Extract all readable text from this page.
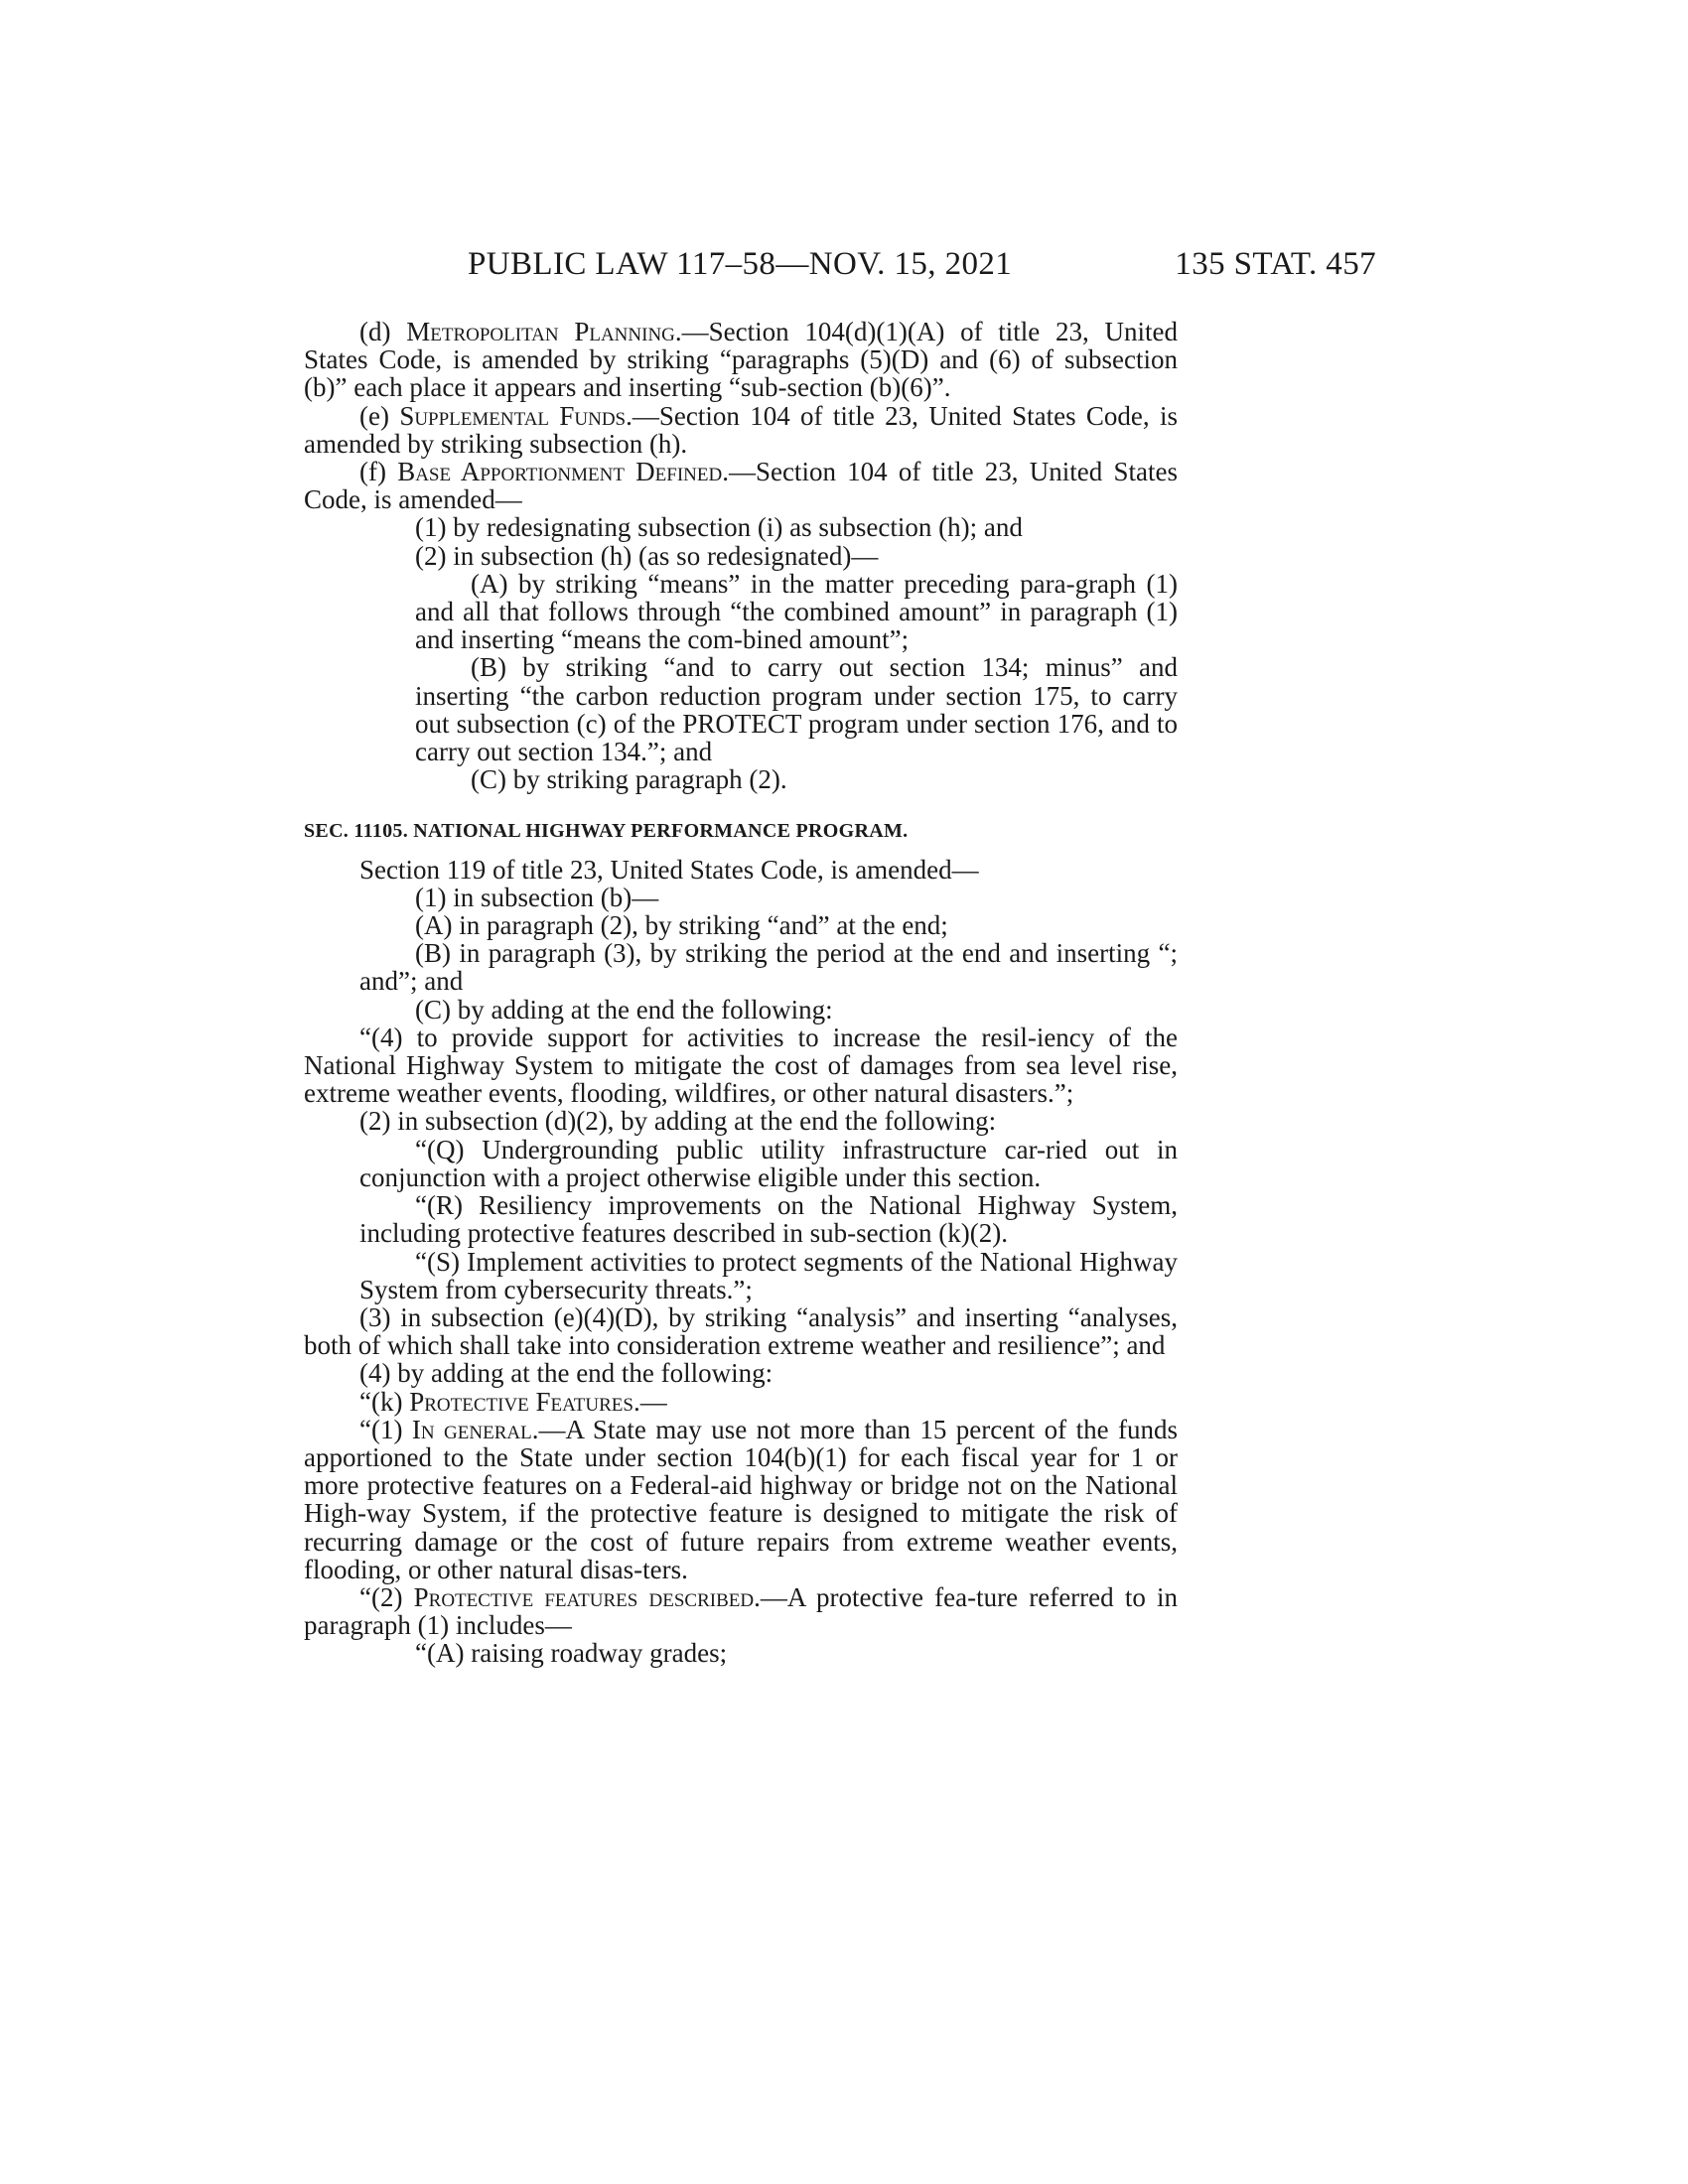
PUBLIC LAW 117–58—NOV. 15, 2021	135 STAT. 457

(d) Metropolitan Planning.—Section 104(d)(1)(A) of title 23, United States Code, is amended by striking “paragraphs (5)(D) and (6) of subsection (b)” each place it appears and inserting “sub-section (b)(6)”.

(e) Supplemental Funds.—Section 104 of title 23, United States Code, is amended by striking subsection (h).

(f) Base Apportionment Defined.—Section 104 of title 23, United States Code, is amended—

(1) by redesignating subsection (i) as subsection (h); and

(2) in subsection (h) (as so redesignated)—

(A) by striking “means” in the matter preceding para-graph (1) and all that follows through “the combined amount” in paragraph (1) and inserting “means the com-bined amount”;

(B) by striking “and to carry out section 134; minus” and inserting “the carbon reduction program under section 175, to carry out subsection (c) of the PROTECT program under section 176, and to carry out section 134.”; and

(C) by striking paragraph (2).

SEC. 11105. NATIONAL HIGHWAY PERFORMANCE PROGRAM.

Section 119 of title 23, United States Code, is amended—

(1) in subsection (b)—

(A) in paragraph (2), by striking “and” at the end;

(B) in paragraph (3), by striking the period at the end and inserting “; and”; and

(C) by adding at the end the following:

“(4) to provide support for activities to increase the resil-iency of the National Highway System to mitigate the cost of damages from sea level rise, extreme weather events, flooding, wildfires, or other natural disasters.”;

(2) in subsection (d)(2), by adding at the end the following:

“(Q) Undergrounding public utility infrastructure car-ried out in conjunction with a project otherwise eligible under this section.

“(R) Resiliency improvements on the National Highway System, including protective features described in sub-section (k)(2).

“(S) Implement activities to protect segments of the National Highway System from cybersecurity threats.”;

(3) in subsection (e)(4)(D), by striking “analysis” and inserting “analyses, both of which shall take into consideration extreme weather and resilience”; and

(4) by adding at the end the following:

“(k) Protective Features.—

“(1) In general.—A State may use not more than 15 percent of the funds apportioned to the State under section 104(b)(1) for each fiscal year for 1 or more protective features on a Federal-aid highway or bridge not on the National High-way System, if the protective feature is designed to mitigate the risk of recurring damage or the cost of future repairs from extreme weather events, flooding, or other natural disas-ters.

“(2) Protective features described.—A protective fea-ture referred to in paragraph (1) includes—

“(A) raising roadway grades;
